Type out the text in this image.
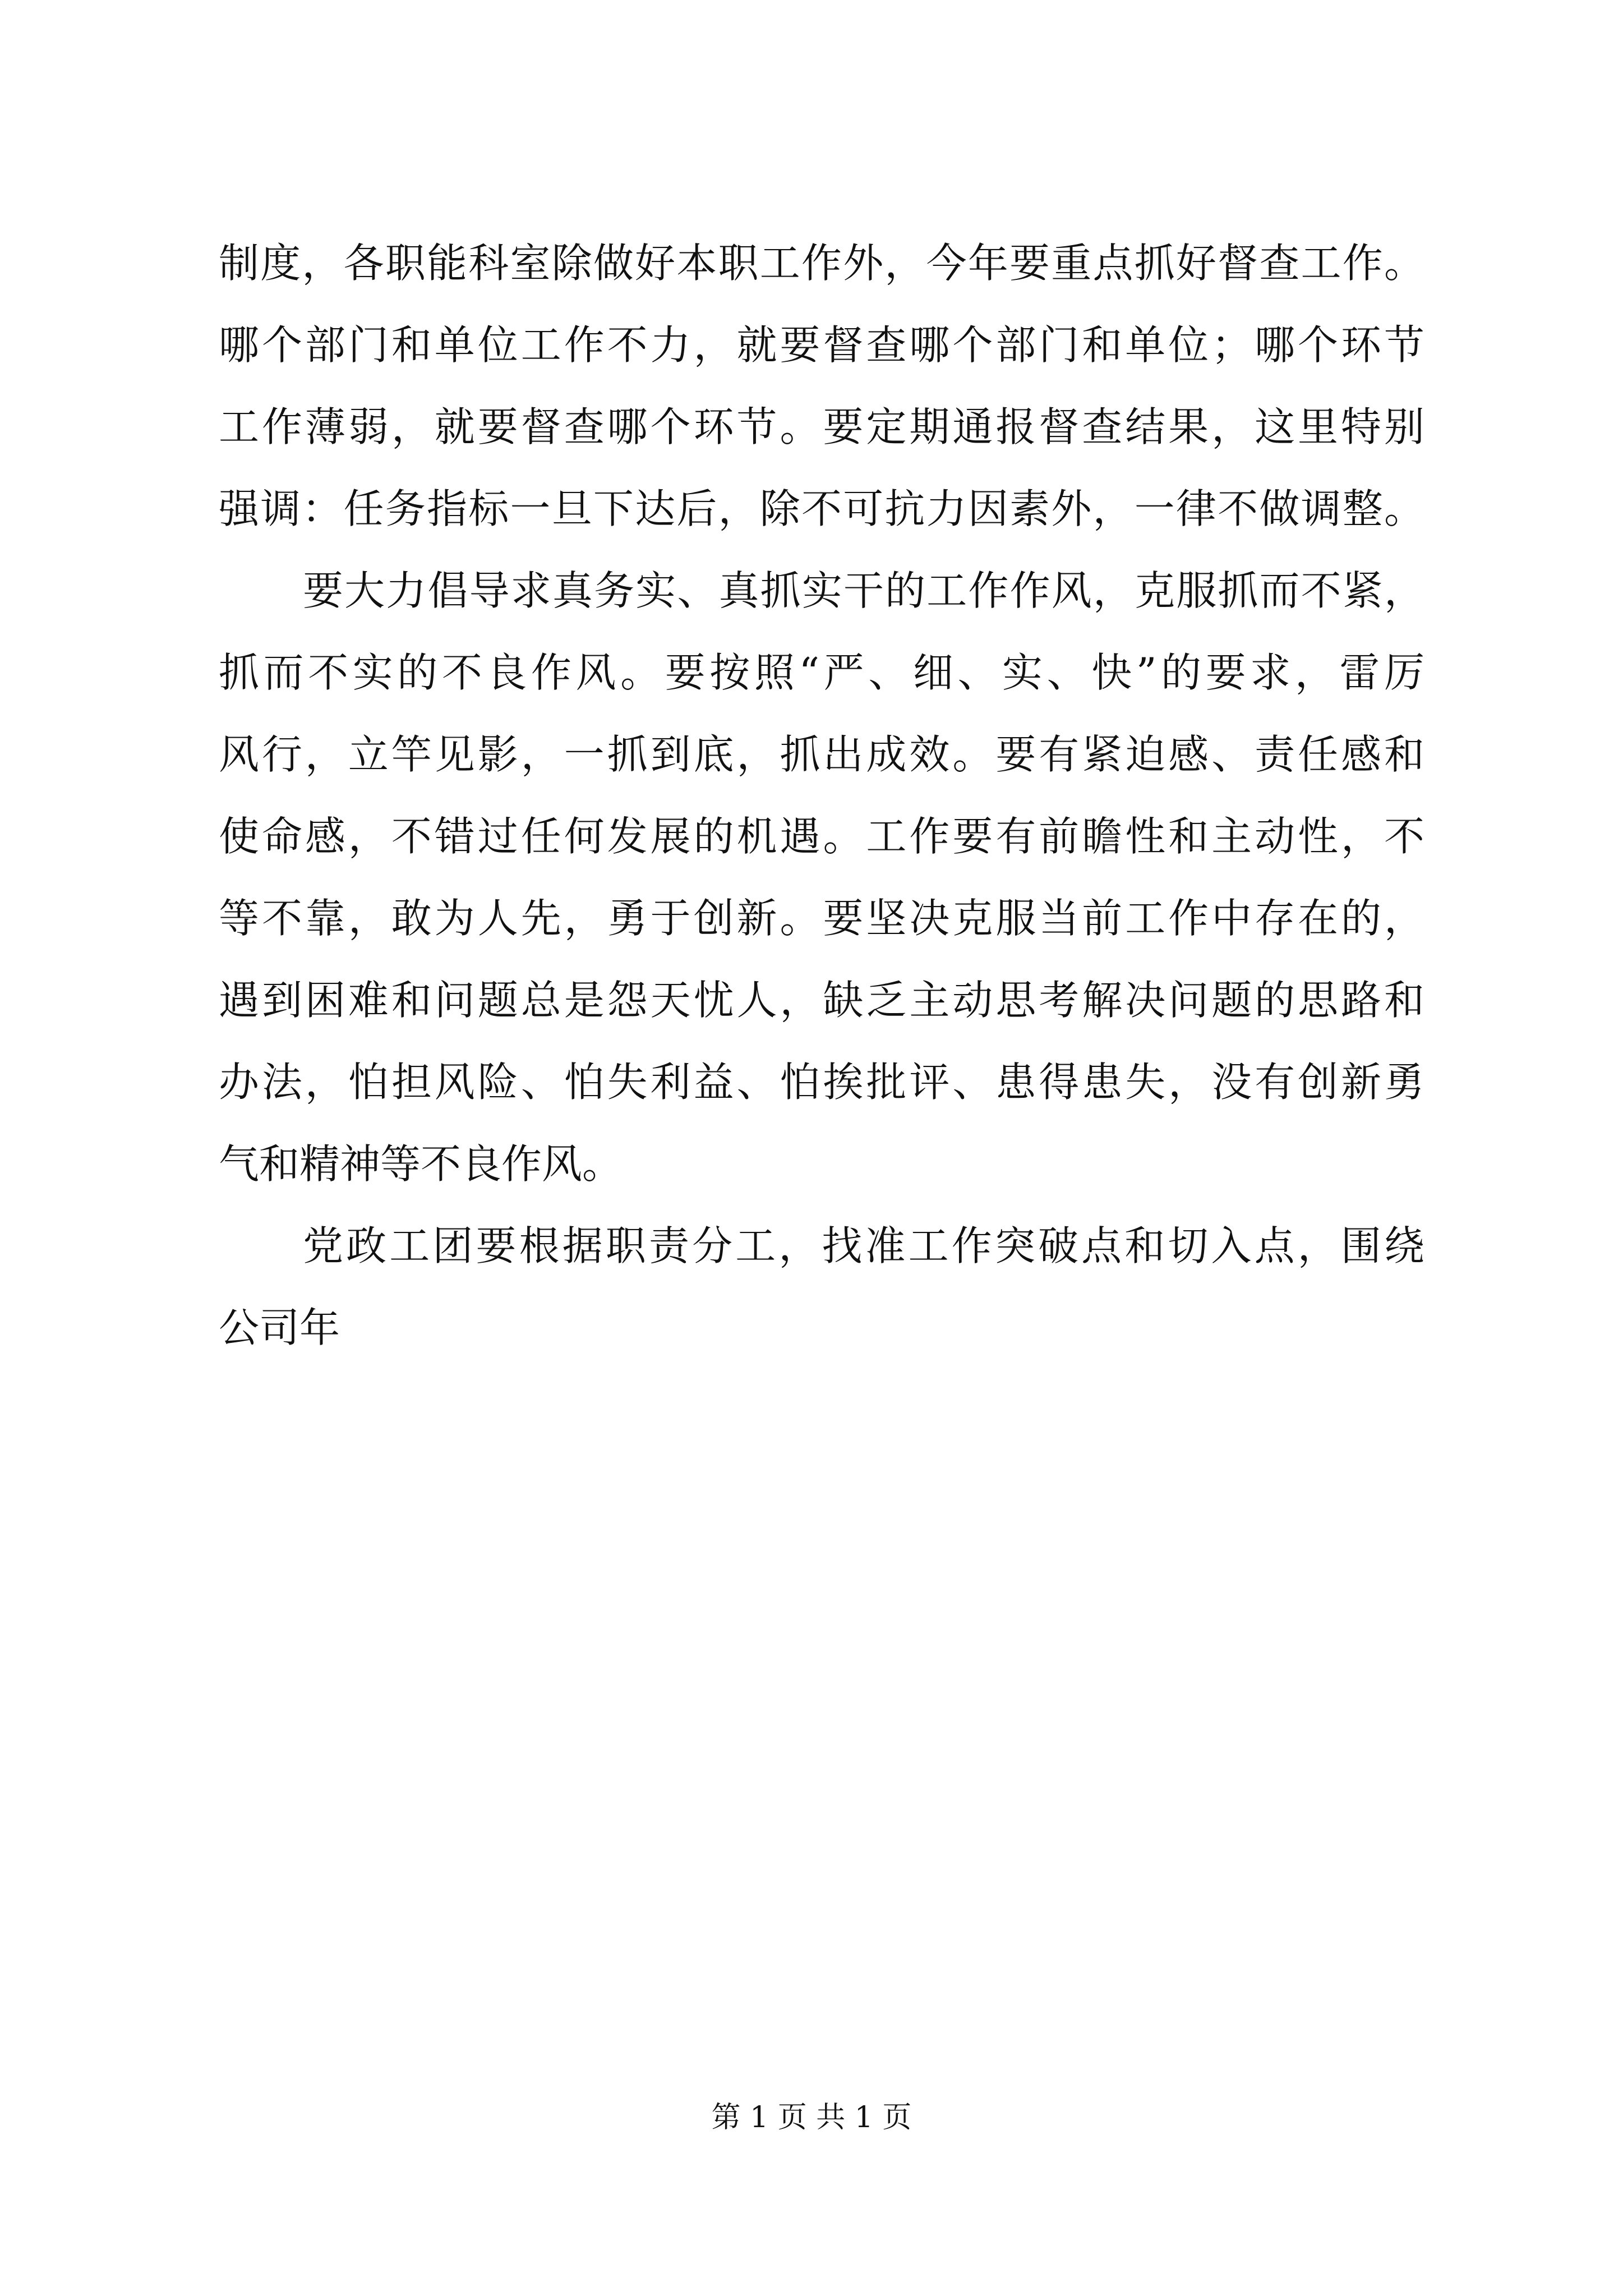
制度，各职能科室除做好本职工作外，今年要重点抓好督查工作。
哪个部门和单位工作不力，就要督查哪个部门和单位；哪个环节
工作薄弱，就要督查哪个环节。要定期通报督查结果，这里特别
强调：任务指标一旦下达后，除不可抗力因素外，一律不做调整。
要大力倡导求真务实、真抓实干的工作作风，克服抓而不紧，
抓而不实的不良作风。要按照“严、细、实、快”的要求，雷厉
风行，立竿见影，一抓到底，抓出成效。要有紧迫感、责任感和
使命感，不错过任何发展的机遇。工作要有前瞻性和主动性，不
等不靠，敢为人先，勇于创新。要坚决克服当前工作中存在的，
遇到困难和问题总是怨天忧人，缺乏主动思考解决问题的思路和
办法，怕担风险、怕失利益、怕挨批评、患得患失，没有创新勇
气和精神等不良作风。
党政工团要根据职责分工，找准工作突破点和切入点，围绕
公司年
第 1 页 共 1 页
